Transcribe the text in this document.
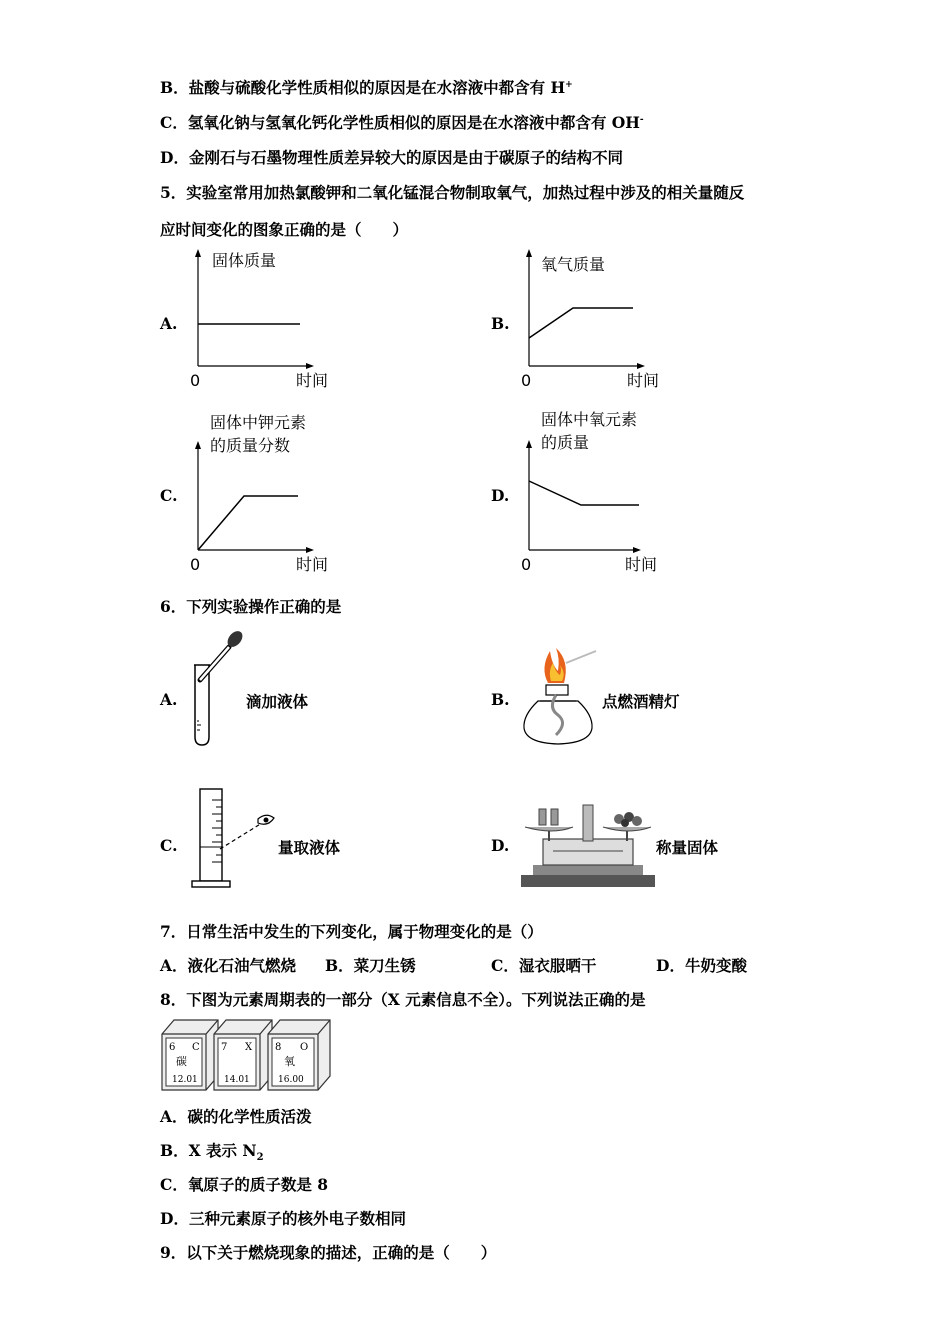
B．盐酸与硫酸化学性质相似的原因是在水溶液中都含有 H+
C．氢氧化钠与氢氧化钙化学性质相似的原因是在水溶液中都含有 OH-
D．金刚石与石墨物理性质差异较大的原因是由于碳原子的结构不同
5．实验室常用加热氯酸钾和二氧化锰混合物制取氧气，加热过程中涉及的相关量随反
应时间变化的图象正确的是（　　）
A.
固体质量
0	时间
B.
氧气质量
0	时间
C.
固体中钾元素
的质量分数
0	时间
D.
固体中氧元素
的质量
0	时间
6．下列实验操作正确的是
A.	滴加液体	B.	点燃酒精灯
C.	量取液体	D.	称量固体
7．日常生活中发生的下列变化，属于物理变化的是（）
A．液化石油气燃烧 B．菜刀生锈	C．湿衣服晒干	D．牛奶变酸
8．下图为元素周期表的一部分（X 元素信息不全）。下列说法正确的是
6 C
碳
12.01
7 X
14.01
8 O
氧
16.00
A．碳的化学性质活泼
B．X 表示 $N_2$
C．氧原子的质子数是 8
D．三种元素原子的核外电子数相同
9．以下关于燃烧现象的描述，正确的是（　　）
